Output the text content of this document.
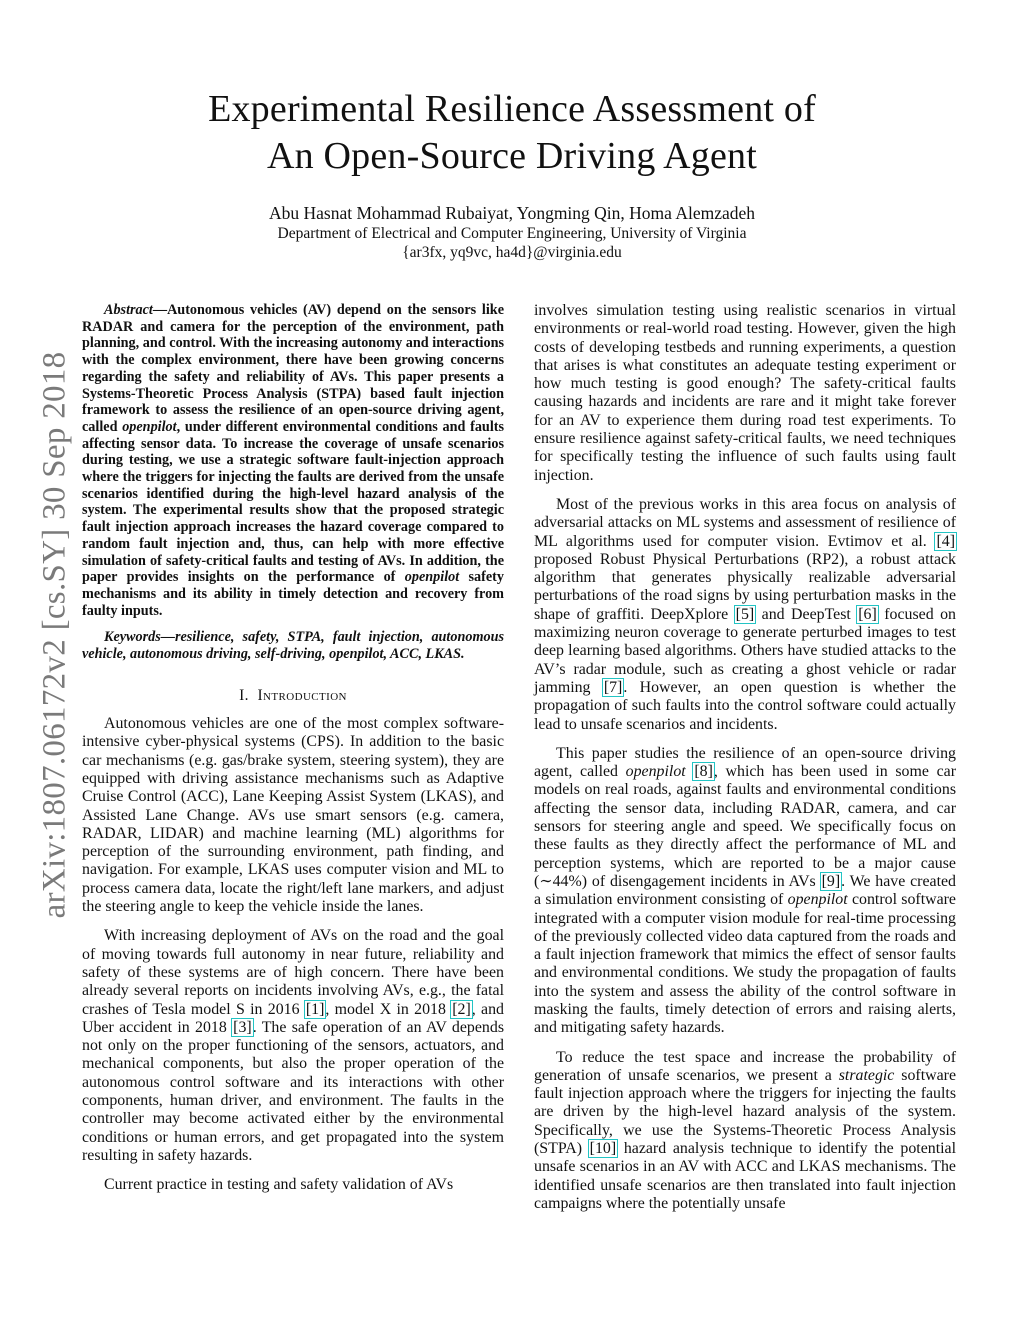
arXiv:1807.06172v2 [cs.SY] 30 Sep 2018
Experimental Resilience Assessment of
An Open-Source Driving Agent
Abu Hasnat Mohammad Rubaiyat, Yongming Qin, Homa Alemzadeh
Department of Electrical and Computer Engineering, University of Virginia
{ar3fx, yq9vc, ha4d}@virginia.edu

Abstract—Autonomous vehicles (AV) depend on the sensors like RADAR and camera for the perception of the environment, path planning, and control. With the increasing autonomy and interactions with the complex environment, there have been growing concerns regarding the safety and reliability of AVs. This paper presents a Systems-Theoretic Process Analysis (STPA) based fault injection framework to assess the resilience of an open-source driving agent, called openpilot, under different environmental conditions and faults affecting sensor data. To increase the coverage of unsafe scenarios during testing, we use a strategic software fault-injection approach where the triggers for injecting the faults are derived from the unsafe scenarios identified during the high-level hazard analysis of the system. The experimental results show that the proposed strategic fault injection approach increases the hazard coverage compared to random fault injection and, thus, can help with more effective simulation of safety-critical faults and testing of AVs. In addition, the paper provides insights on the performance of openpilot safety mechanisms and its ability in timely detection and recovery from faulty inputs.

Keywords—resilience, safety, STPA, fault injection, autonomous vehicle, autonomous driving, self-driving, openpilot, ACC, LKAS.

I. Introduction

Autonomous vehicles are one of the most complex software-intensive cyber-physical systems (CPS). In addition to the basic car mechanisms (e.g. gas/brake system, steering system), they are equipped with driving assistance mechanisms such as Adaptive Cruise Control (ACC), Lane Keeping Assist System (LKAS), and Assisted Lane Change. AVs use smart sensors (e.g. camera, RADAR, LIDAR) and machine learning (ML) algorithms for perception of the surrounding environment, path finding, and navigation. For example, LKAS uses computer vision and ML to process camera data, locate the right/left lane markers, and adjust the steering angle to keep the vehicle inside the lanes.

With increasing deployment of AVs on the road and the goal of moving towards full autonomy in near future, reliability and safety of these systems are of high concern. There have been already several reports on incidents involving AVs, e.g., the fatal crashes of Tesla model S in 2016 [1], model X in 2018 [2], and Uber accident in 2018 [3]. The safe operation of an AV depends not only on the proper functioning of the sensors, actuators, and mechanical components, but also the proper operation of the autonomous control software and its interactions with other components, human driver, and environment. The faults in the controller may become activated either by the environmental conditions or human errors, and get propagated into the system resulting in safety hazards.

Current practice in testing and safety validation of AVs

involves simulation testing using realistic scenarios in virtual environments or real-world road testing. However, given the high costs of developing testbeds and running experiments, a question that arises is what constitutes an adequate testing experiment or how much testing is good enough? The safety-critical faults causing hazards and incidents are rare and it might take forever for an AV to experience them during road test experiments. To ensure resilience against safety-critical faults, we need techniques for specifically testing the influence of such faults using fault injection.

Most of the previous works in this area focus on analysis of adversarial attacks on ML systems and assessment of resilience of ML algorithms used for computer vision. Evtimov et al. [4] proposed Robust Physical Perturbations (RP2), a robust attack algorithm that generates physically realizable adversarial perturbations of the road signs by using perturbation masks in the shape of graffiti. DeepXplore [5] and DeepTest [6] focused on maximizing neuron coverage to generate perturbed images to test deep learning based algorithms. Others have studied attacks to the AV’s radar module, such as creating a ghost vehicle or radar jamming [7]. However, an open question is whether the propagation of such faults into the control software could actually lead to unsafe scenarios and incidents.

This paper studies the resilience of an open-source driving agent, called openpilot [8], which has been used in some car models on real roads, against faults and environmental conditions affecting the sensor data, including RADAR, camera, and car sensors for steering angle and speed. We specifically focus on these faults as they directly affect the performance of ML and perception systems, which are reported to be a major cause (∼44%) of disengagement incidents in AVs [9]. We have created a simulation environment consisting of openpilot control software integrated with a computer vision module for real-time processing of the previously collected video data captured from the roads and a fault injection framework that mimics the effect of sensor faults and environmental conditions. We study the propagation of faults into the system and assess the ability of the control software in masking the faults, timely detection of errors and raising alerts, and mitigating safety hazards.

To reduce the test space and increase the probability of generation of unsafe scenarios, we present a strategic software fault injection approach where the triggers for injecting the faults are driven by the high-level hazard analysis of the system. Specifically, we use the Systems-Theoretic Process Analysis (STPA) [10] hazard analysis technique to identify the potential unsafe scenarios in an AV with ACC and LKAS mechanisms. The identified unsafe scenarios are then translated into fault injection campaigns where the potentially unsafe
